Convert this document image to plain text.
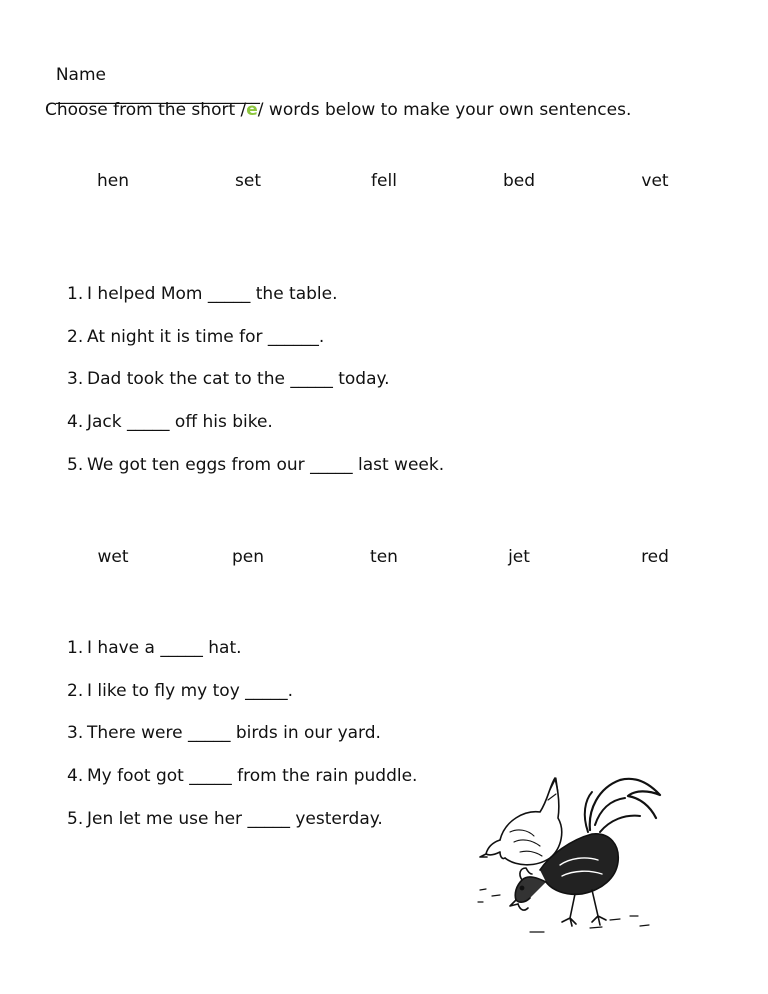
Name
________________________

Choose from the short /e/ words below to make your own sentences.
hen	set	fell	bed	vet
1. I helped Mom _____ the table.
2. At night it is time for ______.
3. Dad took the cat to the _____ today.
4. Jack _____ off his bike.
5. We got ten eggs from our _____ last week.
wet	pen	ten	jet	red
1. I have a _____ hat.
2. I like to fly my toy _____.
3. There were _____ birds in our yard.
4. My foot got _____ from the rain puddle.
5. Jen let me use her _____ yesterday.
